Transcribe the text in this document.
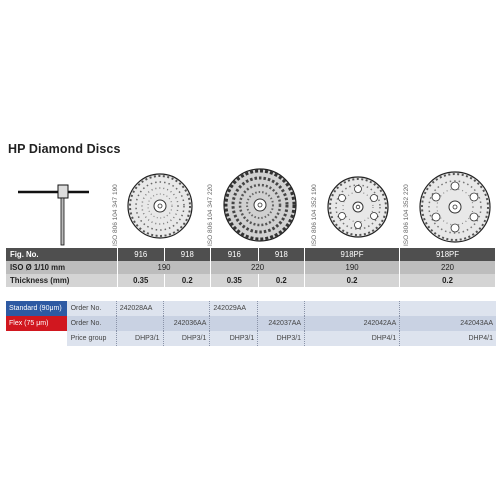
HP Diamond Discs
ISO 806 104 347 190	ISO 806 104 347 220	ISO 806 104 352 190	ISO 806 104 352 220
Fig. No.	916	918	916	918	918PF	918PF
ISO Ø 1/10 mm	190		220		190	220
Thickness (mm)	0.35	0.2	0.35	0.2	0.2	0.2
Standard (90μm)	Order No.	242028AA		242029AA			
Flex (75 μm)	Order No.		242036AA		242037AA	242042AA	242043AA
	Price group	DHP3/1	DHP3/1	DHP3/1	DHP3/1	DHP4/1	DHP4/1
